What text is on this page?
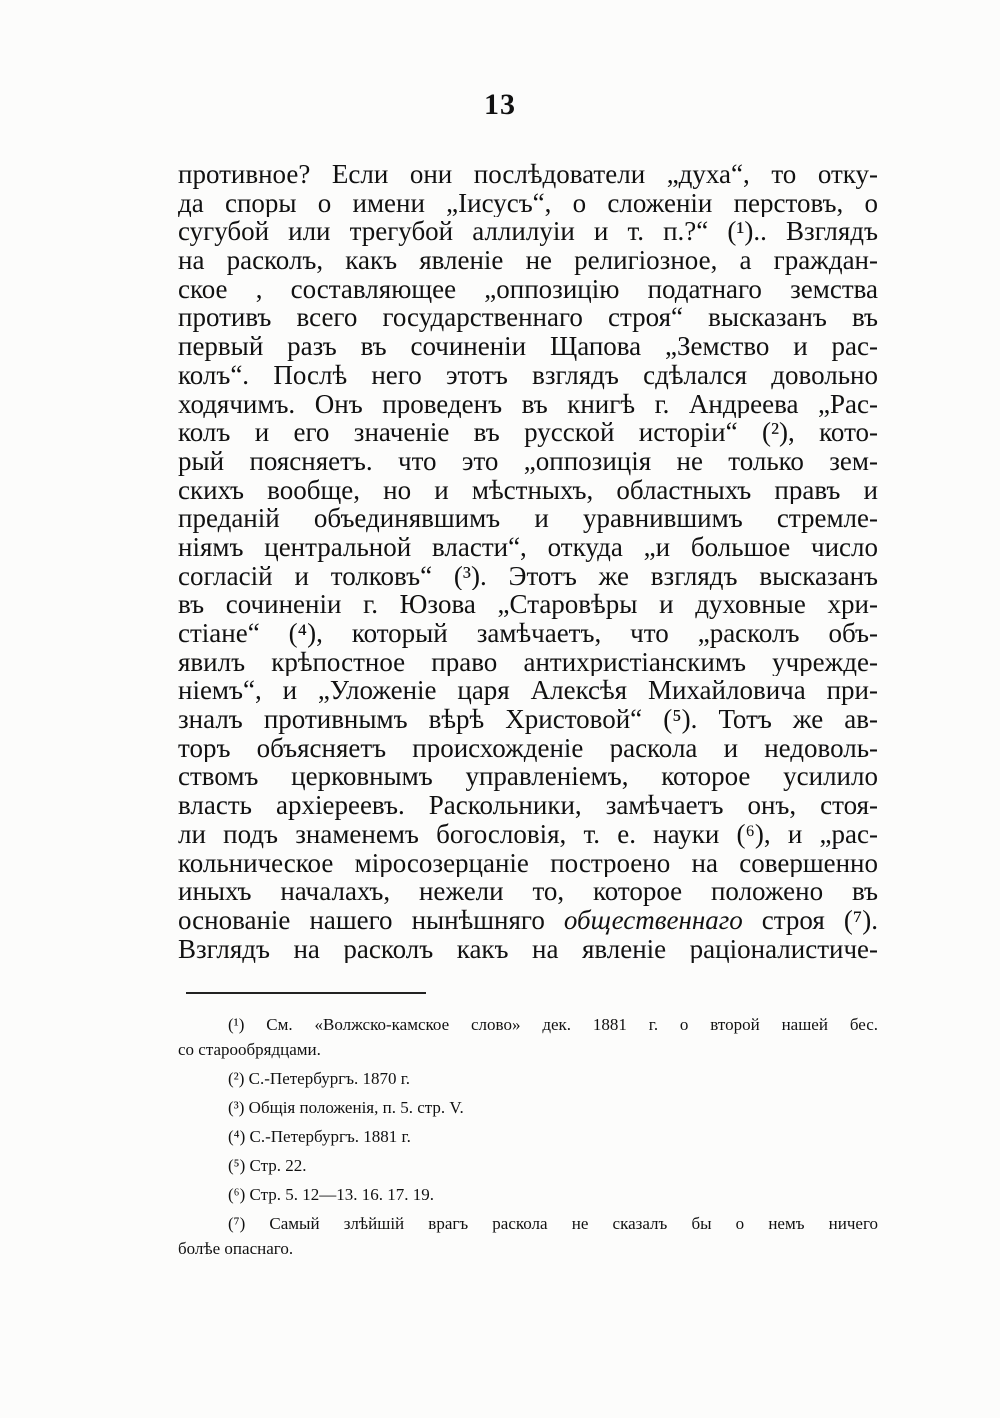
13
противное? Если они послѣдователи „духа“, то отку-
да споры о имени „Іисусъ“, о сложеніи перстовъ, о
сугубой или трегубой аллилуіи и т. п.?“ (¹).. Взглядъ
на расколъ, какъ явленіе не религіозное, а граждан-
ское , составляющее „оппозицію податнаго земства
противъ всего государственнаго строя“ высказанъ въ
первый разъ въ сочиненіи Щапова „Земство и рас-
колъ“. Послѣ него этотъ взглядъ сдѣлался довольно
ходячимъ. Онъ проведенъ въ книгѣ г. Андреева „Рас-
колъ и его значеніе въ русской исторіи“ (²), кото-
рый поясняетъ. что это „оппозиція не только зем-
скихъ вообще, но и мѣстныхъ, областныхъ правъ и
преданій объединявшимъ и уравнившимъ стремле-
ніямъ центральной власти“, откуда „и большое число
согласій и толковъ“ (³). Этотъ же взглядъ высказанъ
въ сочиненіи г. Юзова „Старовѣры и духовные хри-
стіане“ (⁴), который замѣчаетъ, что „расколъ объ-
явилъ крѣпостное право антихристіанскимъ учрежде-
ніемъ“, и „Уложеніе царя Алексѣя Михайловича при-
зналъ противнымъ вѣрѣ Христовой“ (⁵). Тотъ же ав-
торъ объясняетъ происхожденіе раскола и недоволь-
ствомъ церковнымъ управленіемъ, которое усилило
власть архіереевъ. Раскольники, замѣчаетъ онъ, стоя-
ли подъ знаменемъ богословія, т. е. науки (⁶), и „рас-
кольническое міросозерцаніе построено на совершенно
иныхъ началахъ, нежели то, которое положено въ
основаніе нашего нынѣшняго общественнаго строя (⁷).
Взглядъ на расколъ какъ на явленіе раціоналистиче-
(¹) См. «Волжско-камское слово» дек. 1881 г. о второй нашей бес.
со старообрядцами.
(²) С.-Петербургъ. 1870 г.
(³) Общія положенія, п. 5. стр. V.
(⁴) С.-Петербургъ. 1881 г.
(⁵) Стр. 22.
(⁶) Стр. 5. 12—13. 16. 17. 19.
(⁷) Самый злѣйшій врагъ раскола не сказалъ бы о немъ ничего
болѣе опаснаго.
